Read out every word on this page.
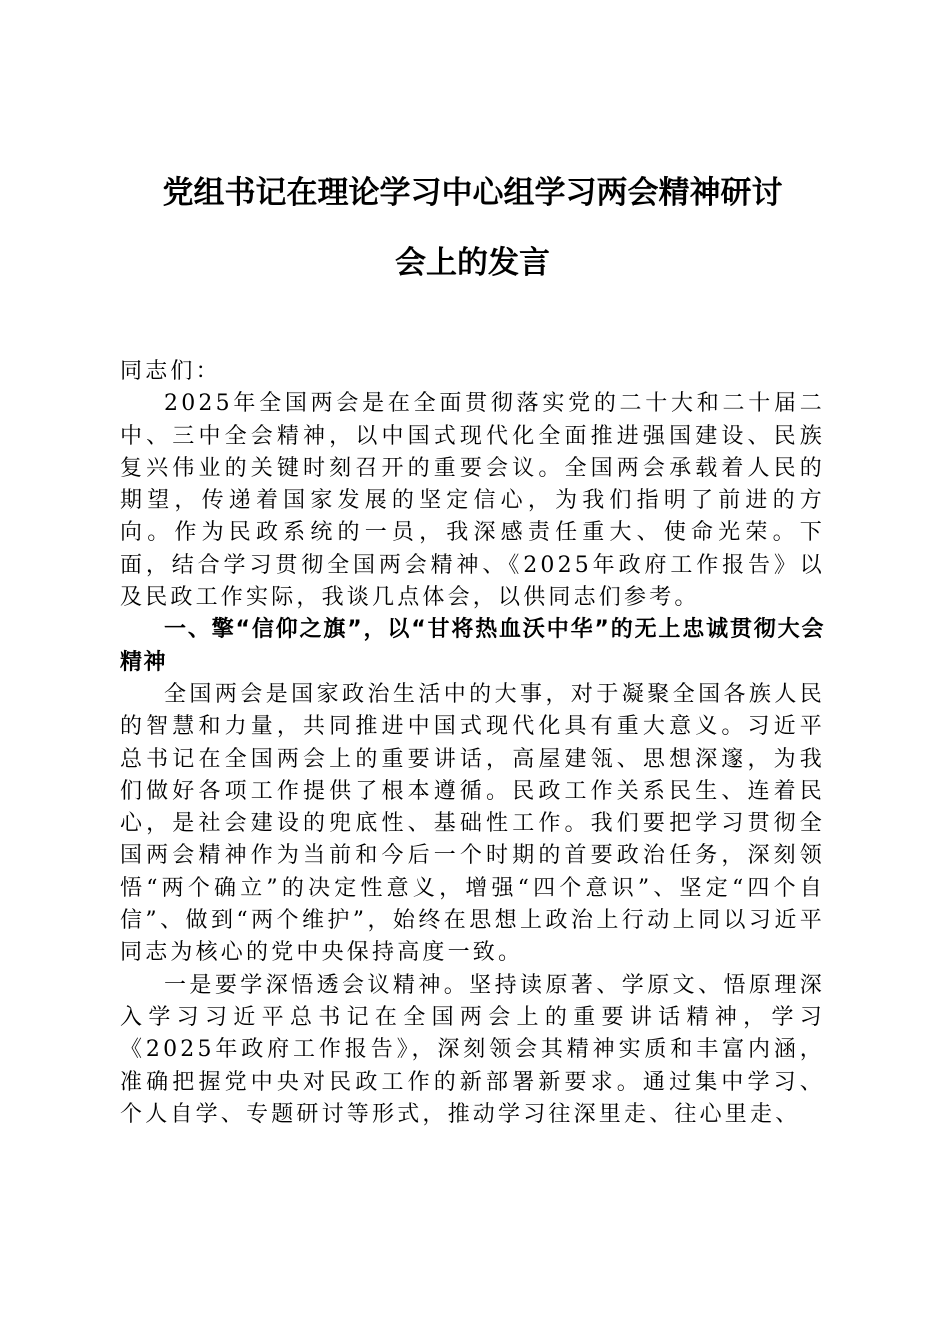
党组书记在理论学习中心组学习两会精神研讨
会上的发言

同志们：

2025年全国两会是在全面贯彻落实党的二十大和二十届二中、三中全会精神，以中国式现代化全面推进强国建设、民族复兴伟业的关键时刻召开的重要会议。全国两会承载着人民的期望，传递着国家发展的坚定信心，为我们指明了前进的方向。作为民政系统的一员，我深感责任重大、使命光荣。下面，结合学习贯彻全国两会精神、《2025年政府工作报告》以及民政工作实际，我谈几点体会，以供同志们参考。

一、擎“信仰之旗”，以“甘将热血沃中华”的无上忠诚贯彻大会精神

全国两会是国家政治生活中的大事，对于凝聚全国各族人民的智慧和力量，共同推进中国式现代化具有重大意义。习近平总书记在全国两会上的重要讲话，高屋建瓴、思想深邃，为我们做好各项工作提供了根本遵循。民政工作关系民生、连着民心，是社会建设的兜底性、基础性工作。我们要把学习贯彻全国两会精神作为当前和今后一个时期的首要政治任务，深刻领悟“两个确立”的决定性意义，增强“四个意识”、坚定“四个自信”、做到“两个维护”，始终在思想上政治上行动上同以习近平同志为核心的党中央保持高度一致。

一是要学深悟透会议精神。坚持读原著、学原文、悟原理深入学习习近平总书记在全国两会上的重要讲话精神，学习《2025年政府工作报告》，深刻领会其精神实质和丰富内涵，准确把握党中央对民政工作的新部署新要求。通过集中学习、个人自学、专题研讨等形式，推动学习往深里走、往心里走、
